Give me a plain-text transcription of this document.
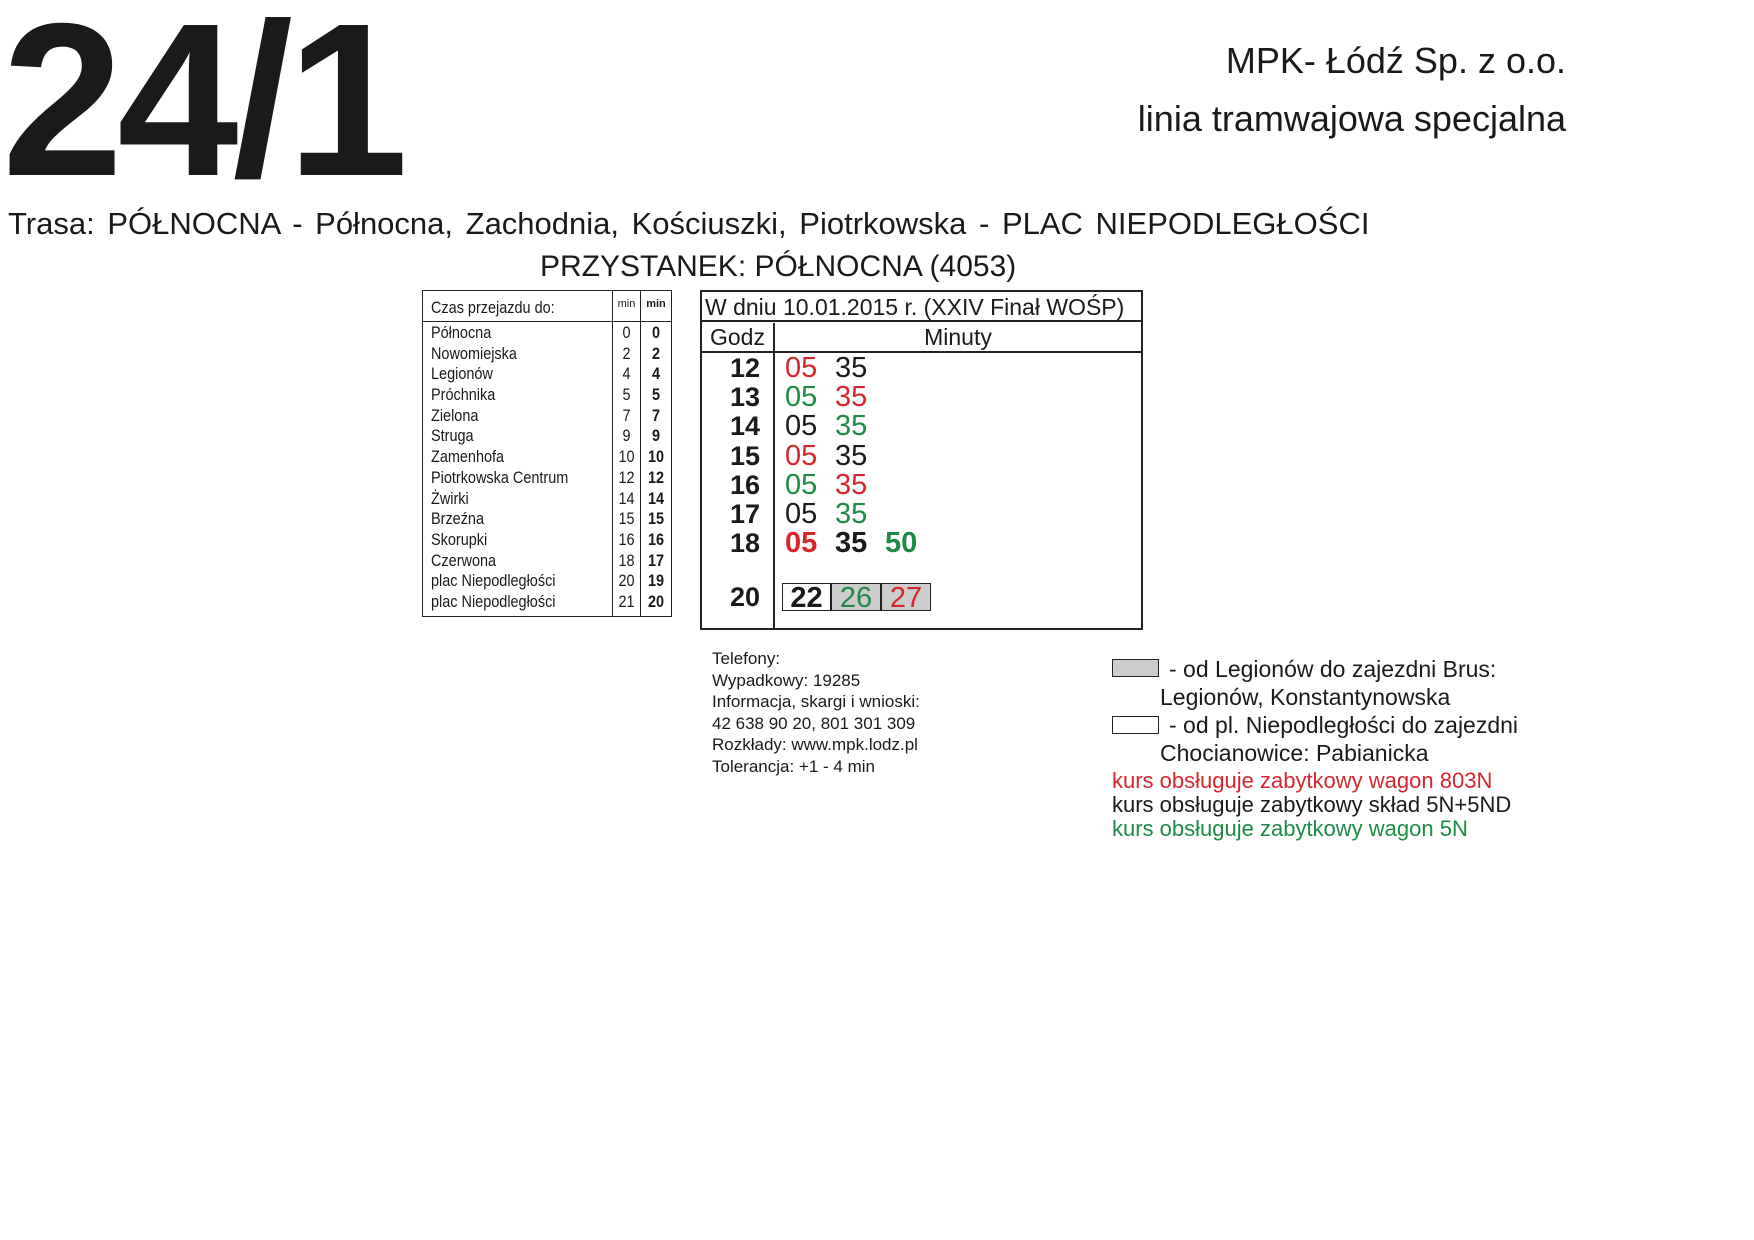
24/1	MPK- Łódź Sp. z o.o.
linia tramwajowa specjalna
Trasa: PÓŁNOCNA - Północna, Zachodnia, Kościuszki, Piotrkowska - PLAC NIEPODLEGŁOŚCI
PRZYSTANEK: PÓŁNOCNA (4053)
Czas przejazdu do:	min min
Północna	0	0
Nowomiejska	2	2
Legionów	4	4
Próchnika	5	5
Zielona	7	7
Struga	9	9
Zamenhofa	10 10
Piotrkowska Centrum	12 12
Żwirki	14 14
Brzeźna	15 15
Skorupki	16 16
Czerwona	18 17
plac Niepodległości	20 19
plac Niepodległości	21 20
W dniu 10.01.2015 r. (XXIV Finał WOŚP)
Godz	Minuty
12 05 35
13 05 35
14 05 35
15 05 35
16 05 35
17 05 35
18 05 35 50
20	22 26 27
Telefony:
Wypadkowy: 19285
Informacja, skargi i wnioski:
42 638 90 20, 801 301 309
Rozkłady: www.mpk.lodz.pl
Tolerancja: +1 - 4 min
- od Legionów do zajezdni Brus:
Legionów, Konstantynowska
- od pl. Niepodległości do zajezdni
Chocianowice: Pabianicka
kurs obsługuje zabytkowy wagon 803N
kurs obsługuje zabytkowy skład 5N+5ND
kurs obsługuje zabytkowy wagon 5N
